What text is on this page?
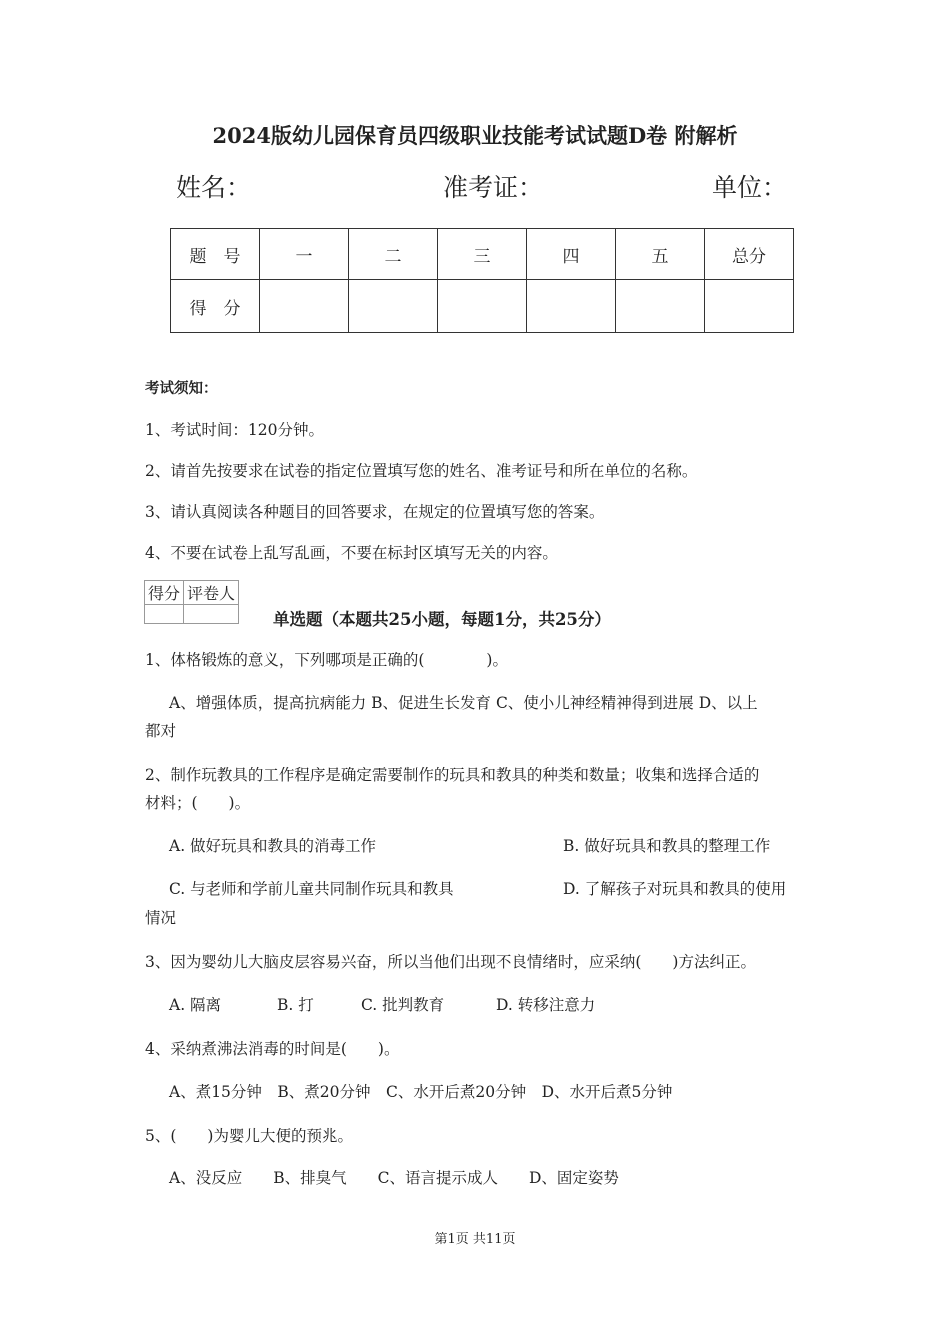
2024版幼儿园保育员四级职业技能考试试题D卷 附解析
姓名：	准考证：	单位：
题　号	一	二	三	四	五	总分
得　分						
考试须知：
1、考试时间：120分钟。
2、请首先按要求在试卷的指定位置填写您的姓名、准考证号和所在单位的名称。
3、请认真阅读各种题目的回答要求，在规定的位置填写您的答案。
4、不要在试卷上乱写乱画，不要在标封区填写无关的内容。
得分	评卷人

单选题（本题共25小题，每题1分，共25分）
1、体格锻炼的意义，下列哪项是正确的(　　　　)。
A、增强体质，提高抗病能力 B、促进生长发育 C、使小儿神经精神得到进展 D、以上
都对
2、制作玩教具的工作程序是确定需要制作的玩具和教具的种类和数量；收集和选择合适的
材料；(　　)。
A. 做好玩具和教具的消毒工作	B. 做好玩具和教具的整理工作
C. 与老师和学前儿童共同制作玩具和教具	D. 了解孩子对玩具和教具的使用
情况
3、因为婴幼儿大脑皮层容易兴奋，所以当他们出现不良情绪时，应采纳(　　)方法纠正。
A. 隔离	B. 打	C. 批判教育	D. 转移注意力
4、采纳煮沸法消毒的时间是(　　)。
A、煮15分钟　B、煮20分钟　C、水开后煮20分钟　D、水开后煮5分钟
5、(　　)为婴儿大便的预兆。
A、没反应　　B、排臭气　　C、语言提示成人　　D、固定姿势
第1页 共11页
